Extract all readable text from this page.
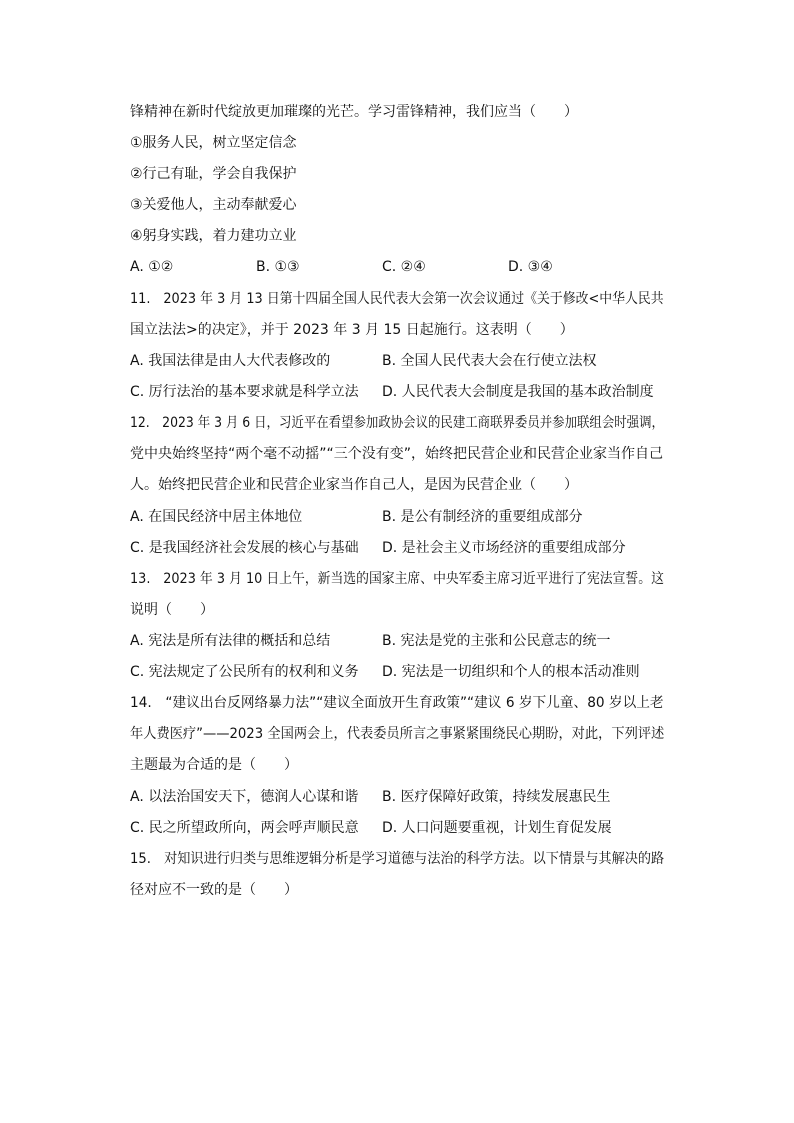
锋精神在新时代绽放更加璀璨的光芒。学习雷锋精神，我们应当（　　）
①服务人民，树立坚定信念
②行己有耻，学会自我保护
③关爱他人，主动奉献爱心
④躬身实践，着力建功立业
A. ①②	B. ①③	C. ②④	D. ③④
11.　2023 年 3 月 13 日第十四届全国人民代表大会第一次会议通过《关于修改<中华人民共
国立法法>的决定》，并于 2023 年 3 月 15 日起施行。这表明（　　）
A. 我国法律是由人大代表修改的	B. 全国人民代表大会在行使立法权
C. 厉行法治的基本要求就是科学立法 D. 人民代表大会制度是我国的基本政治制度
12.　2023 年 3 月 6 日，习近平在看望参加政协会议的民建工商联界委员并参加联组会时强调，
党中央始终坚持“两个毫不动摇”“三个没有变”，始终把民营企业和民营企业家当作自己
人。始终把民营企业和民营企业家当作自己人，是因为民营企业（　　）
A. 在国民经济中居主体地位	B. 是公有制经济的重要组成部分
C. 是我国经济社会发展的核心与基础 D. 是社会主义市场经济的重要组成部分
13.　2023 年 3 月 10 日上午，新当选的国家主席、中央军委主席习近平进行了宪法宣誓。这
说明（　　）
A. 宪法是所有法律的概括和总结	B. 宪法是党的主张和公民意志的统一
C. 宪法规定了公民所有的权利和义务 D. 宪法是一切组织和个人的根本活动准则
14.　“建议出台反网络暴力法”“建议全面放开生育政策”“建议 6 岁下儿童、80 岁以上老
年人费医疗”——2023 全国两会上，代表委员所言之事紧紧围绕民心期盼，对此，下列评述
主题最为合适的是（　　）
A. 以法治国安天下，德润人心谋和谐 B. 医疗保障好政策，持续发展惠民生
C. 民之所望政所向，两会呼声顺民意 D. 人口问题要重视，计划生育促发展
15.　对知识进行归类与思维逻辑分析是学习道德与法治的科学方法。以下情景与其解决的路
径对应不一致的是（　　）
